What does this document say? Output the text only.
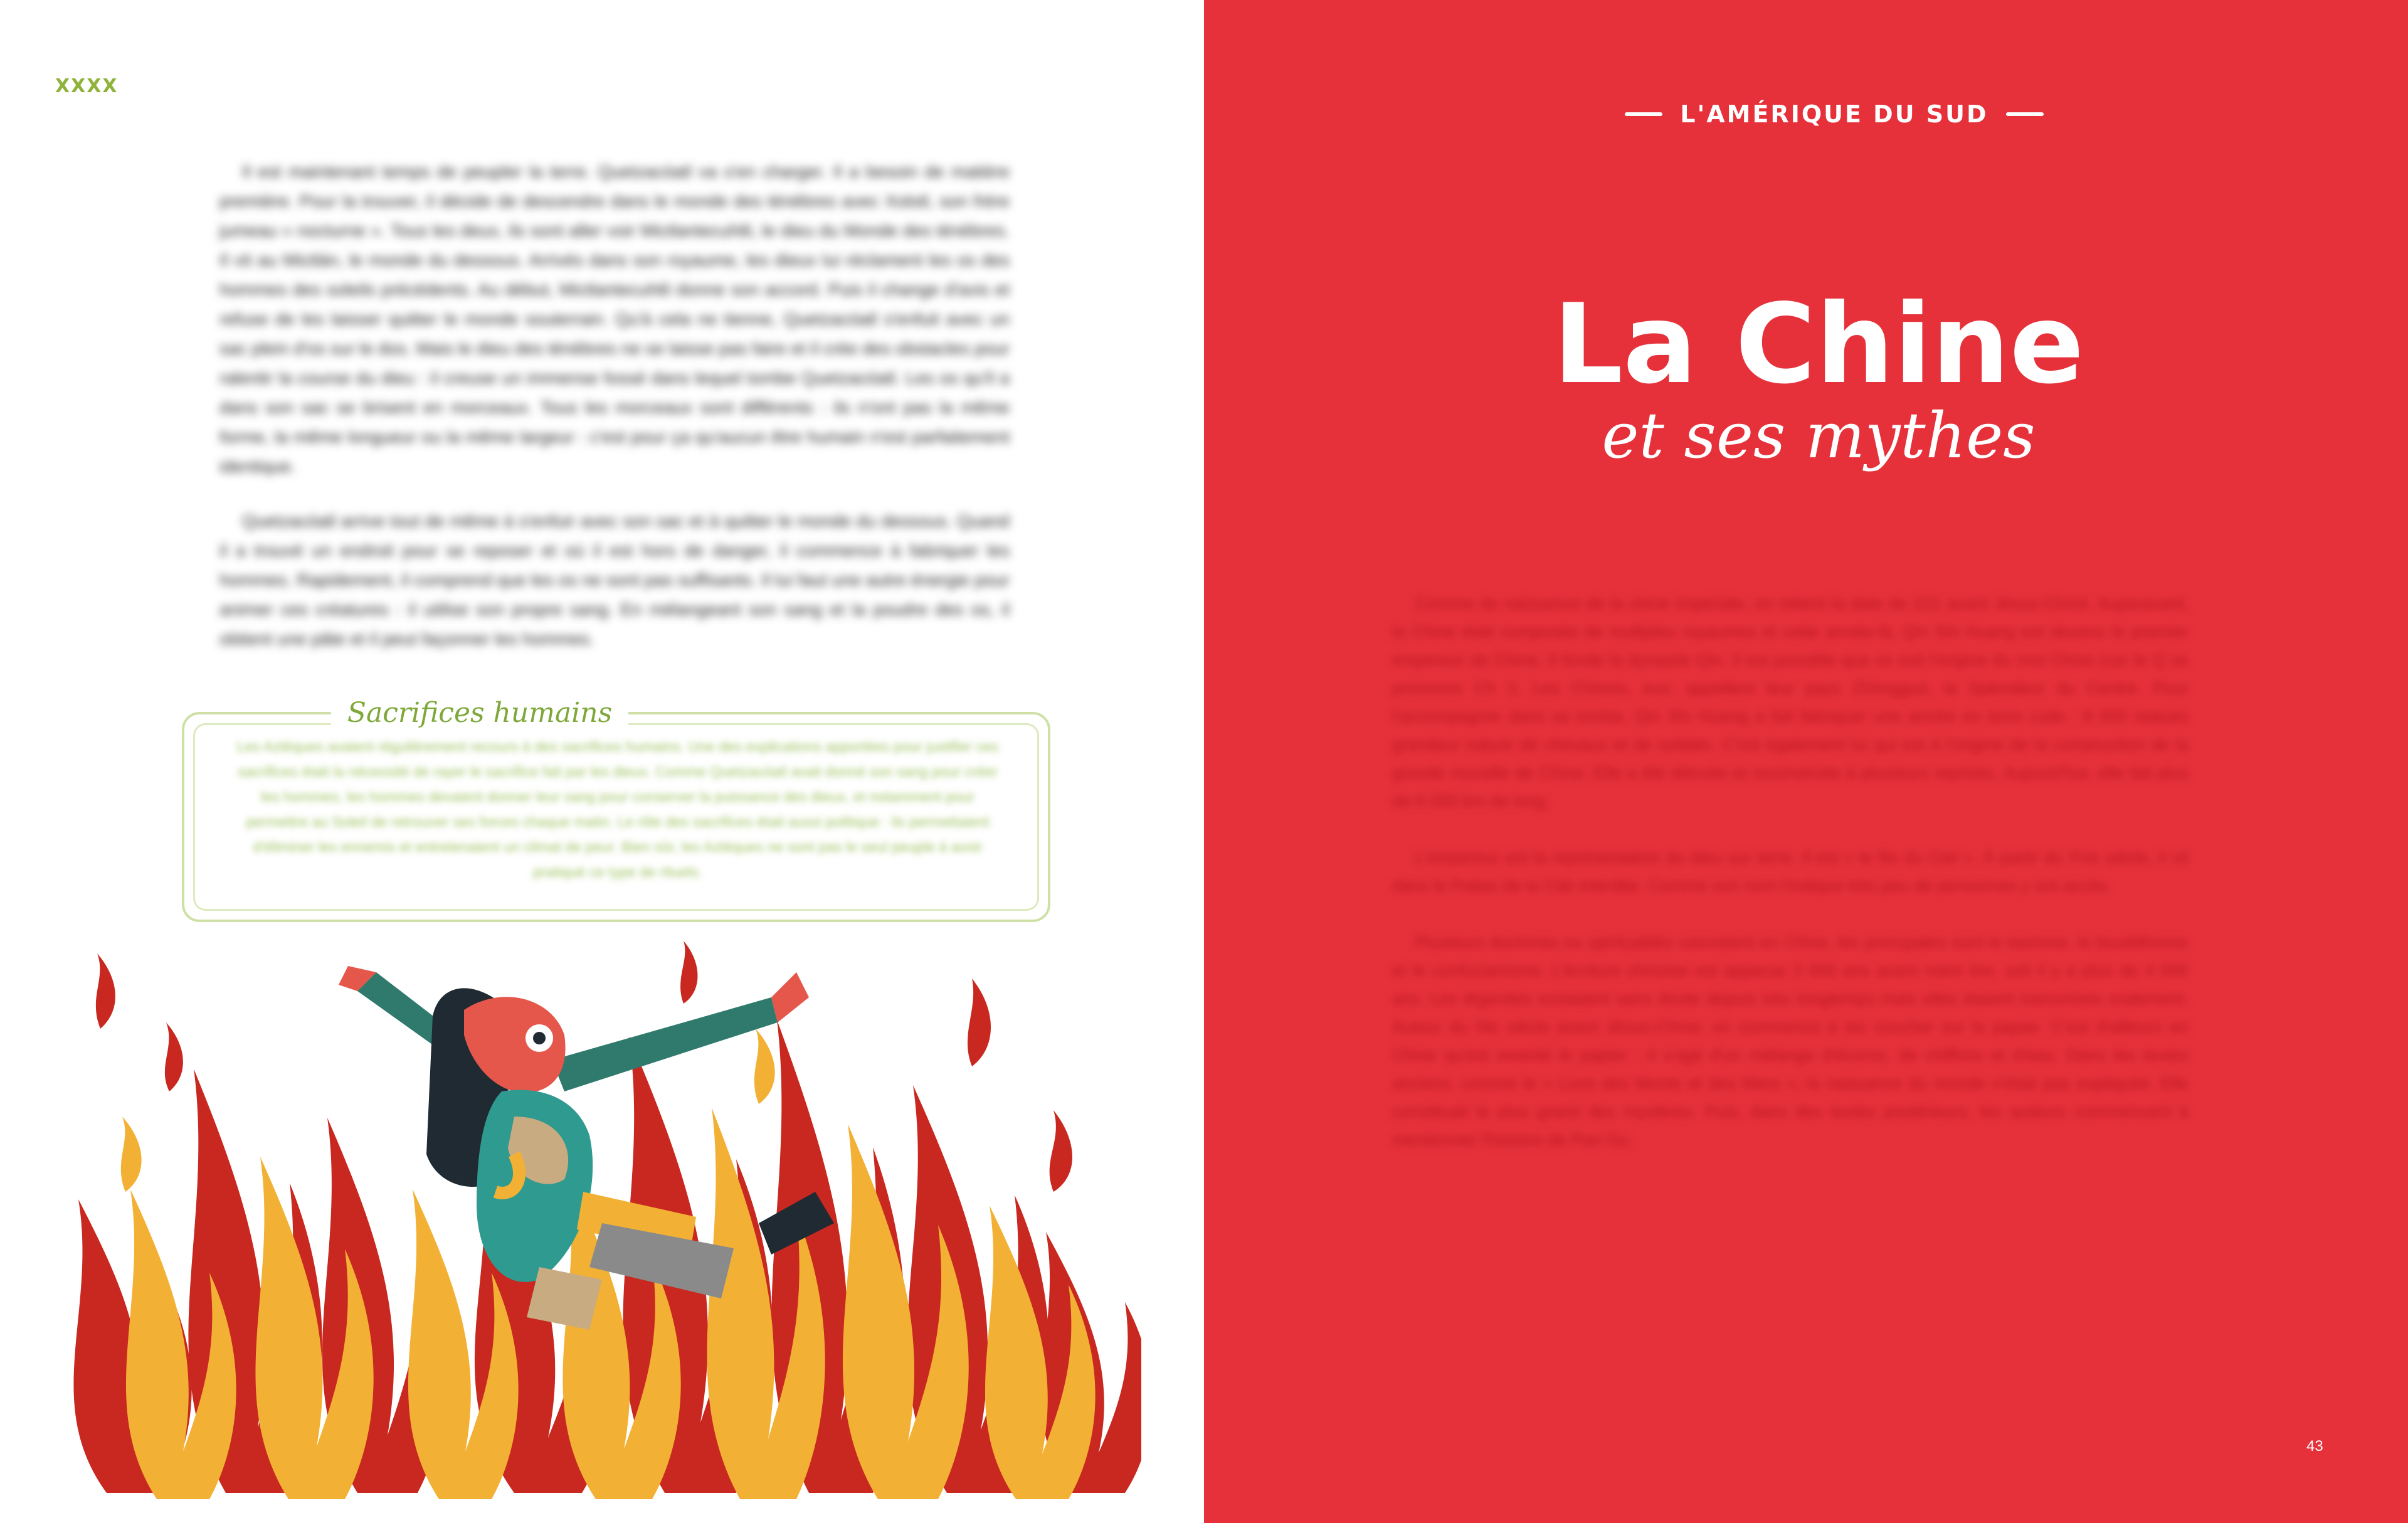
XXXX

Il est maintenant temps de peupler la terre. Quetzacóatl va s'en charger. Il a besoin de matière première. Pour la trouver, il décide de descendre dans le monde des ténèbres avec Xolotl, son frère jumeau « nocturne ». Tous les deux, ils sont aller voir Mictlantecuhtli, le dieu du Monde des ténèbres. Il vit au Mictlán, le monde du dessous. Arrivés dans son royaume, les dieux lui réclament les os des hommes des soleils précédents. Au début, Mictlantecuhtli donne son accord. Puis il change d'avis et refuse de les laisser quitter le monde souterrain. Qu'à cela ne tienne, Quetzacóatl s'enfuit avec un sac plein d'os sur le dos. Mais le dieu des ténèbres ne se laisse pas faire et il crée des obstacles pour ralentir la course du dieu : il creuse un immense fossé dans lequel tombe Quetzacóatl. Les os qu'il a dans son sac se brisent en morceaux. Tous les morceaux sont différents : ils n'ont pas la même forme, la même longueur ou la même largeur : c'est pour ça qu'aucun être humain n'est parfaitement identique.

Quetzacóatl arrive tout de même à s'enfuir avec son sac et à quitter le monde du dessous. Quand il a trouvé un endroit pour se reposer et où il est hors de danger, il commence à fabriquer les hommes. Rapidement, il comprend que les os ne sont pas suffisants. Il lui faut une autre énergie pour animer ces créatures : il utilise son propre sang. En mélangeant son sang et la poudre des os, il obtient une pâte et il peut façonner les hommes.

Sacrifices humains
Les Aztèques avaient régulièrement recours à des sacrifices humains. Une des explications apportées pour justifier ces sacrifices était la nécessité de rayer le sacrifice fait par les dieux. Comme Quetzacóatl avait donné son sang pour créer les hommes, les hommes devaient donner leur sang pour conserver la puissance des dieux, et notamment pour permettre au Soleil de retrouver ses forces chaque matin. Le rôle des sacrifices était aussi politique : ils permettaient d'éliminer les ennemis et entretenaient un climat de peur. Bien sûr, les Aztèques ne sont pas le seul peuple à avoir pratiqué ce type de rituels.
L'AMÉRIQUE DU SUD
La Chine
et ses mythes

Comme de naissance de la chine impériale, on retient la date de 221 avant Jésus-Christ. Auparavant, la Chine était composée de multiples royaumes et cette année-là, Qin Shi Huang est devenu le premier empereur de Chine. Il fonde la dynastie Qin. Il est possible que ce soit l'origine du mot Chine (car le Q se prononce Ch !). Les Chinois, eux, appellent leur pays Zhōngguó, la Splendeur du Centre. Pour l'accompagner dans sa tombe, Qin Shi Huang a fait fabriquer une armée en terre cuite : 8 000 statues grandeur nature de chevaux et de soldats. C'est également lui qui est à l'origine de la construction de la grande muraille de Chine. Elle a été détruite et reconstruite à plusieurs reprises. Aujourd'hui, elle fait plus de 6 000 km de long.

L'empereur est la représentation du dieu sur terre. Il est « le fils du Ciel ». À partir du XVe siècle, il vit dans le Palais de la Cité interdite. Comme son nom l'indique très peu de personnes y ont accès.

Plusieurs doctrines ou spiritualités coexistent en Chine, les principales sont le taoïsme, le bouddhisme et le confucianisme. L'écriture chinoise est apparue 3 000 ans avant notre ère, soit il y a plus de 4 000 ans. Les légendes existaient sans doute depuis très longtemps mais elles étaient transmises oralement. Autour du IIIe siècle avant Jésus-Christ, on commence à les coucher sur le papier. C'est d'ailleurs en Chine qu'est inventé le papier : il s'agit d'un mélange d'écorce, de chiffons et d'eau. Dans les textes anciens, comme le « Livre des Monts et des Mers », la naissance du monde n'était pas expliquée. Elle constituait le plus grand des mystères. Puis, dans des textes postérieurs, les auteurs commencent à mentionner l'histoire de Pan Gu.

43
